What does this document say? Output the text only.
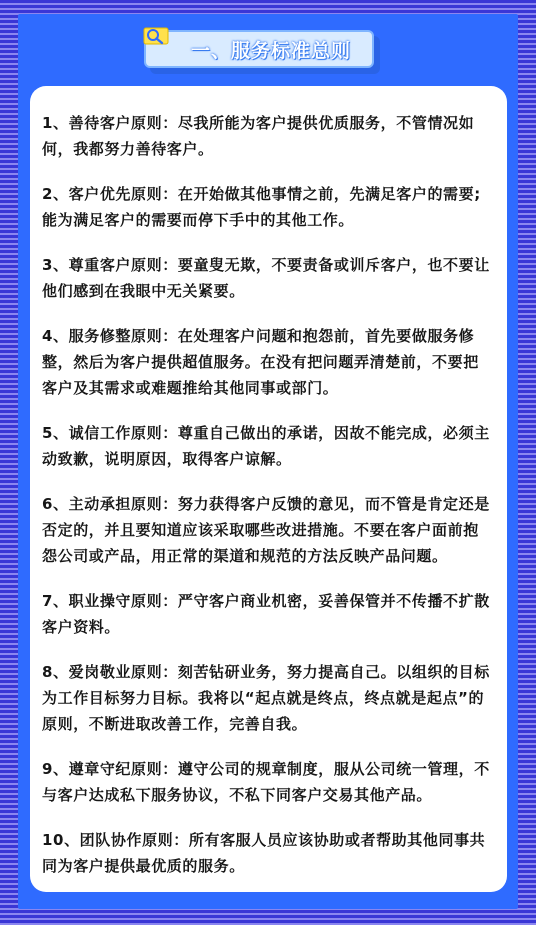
一、服务标准总则

1、善待客户原则：尽我所能为客户提供优质服务，不管情况如何，我都努力善待客户。

2、客户优先原则：在开始做其他事情之前，先满足客户的需要;能为满足客户的需要而停下手中的其他工作。

3、尊重客户原则：要童叟无欺，不要责备或训斥客户，也不要让他们感到在我眼中无关紧要。

4、服务修整原则：在处理客户问题和抱怨前，首先要做服务修整，然后为客户提供超值服务。在没有把问题弄清楚前，不要把客户及其需求或难题推给其他同事或部门。

5、诚信工作原则：尊重自己做出的承诺，因故不能完成，必须主动致歉，说明原因，取得客户谅解。

6、主动承担原则：努力获得客户反馈的意见，而不管是肯定还是否定的，并且要知道应该采取哪些改进措施。不要在客户面前抱怨公司或产品，用正常的渠道和规范的方法反映产品问题。

7、职业操守原则：严守客户商业机密，妥善保管并不传播不扩散客户资料。

8、爱岗敬业原则：刻苦钻研业务，努力提高自己。以组织的目标为工作目标努力目标。我将以“起点就是终点，终点就是起点”的原则，不断进取改善工作，完善自我。

9、遵章守纪原则：遵守公司的规章制度，服从公司统一管理，不与客户达成私下服务协议，不私下同客户交易其他产品。

10、团队协作原则：所有客服人员应该协助或者帮助其他同事共同为客户提供最优质的服务。
